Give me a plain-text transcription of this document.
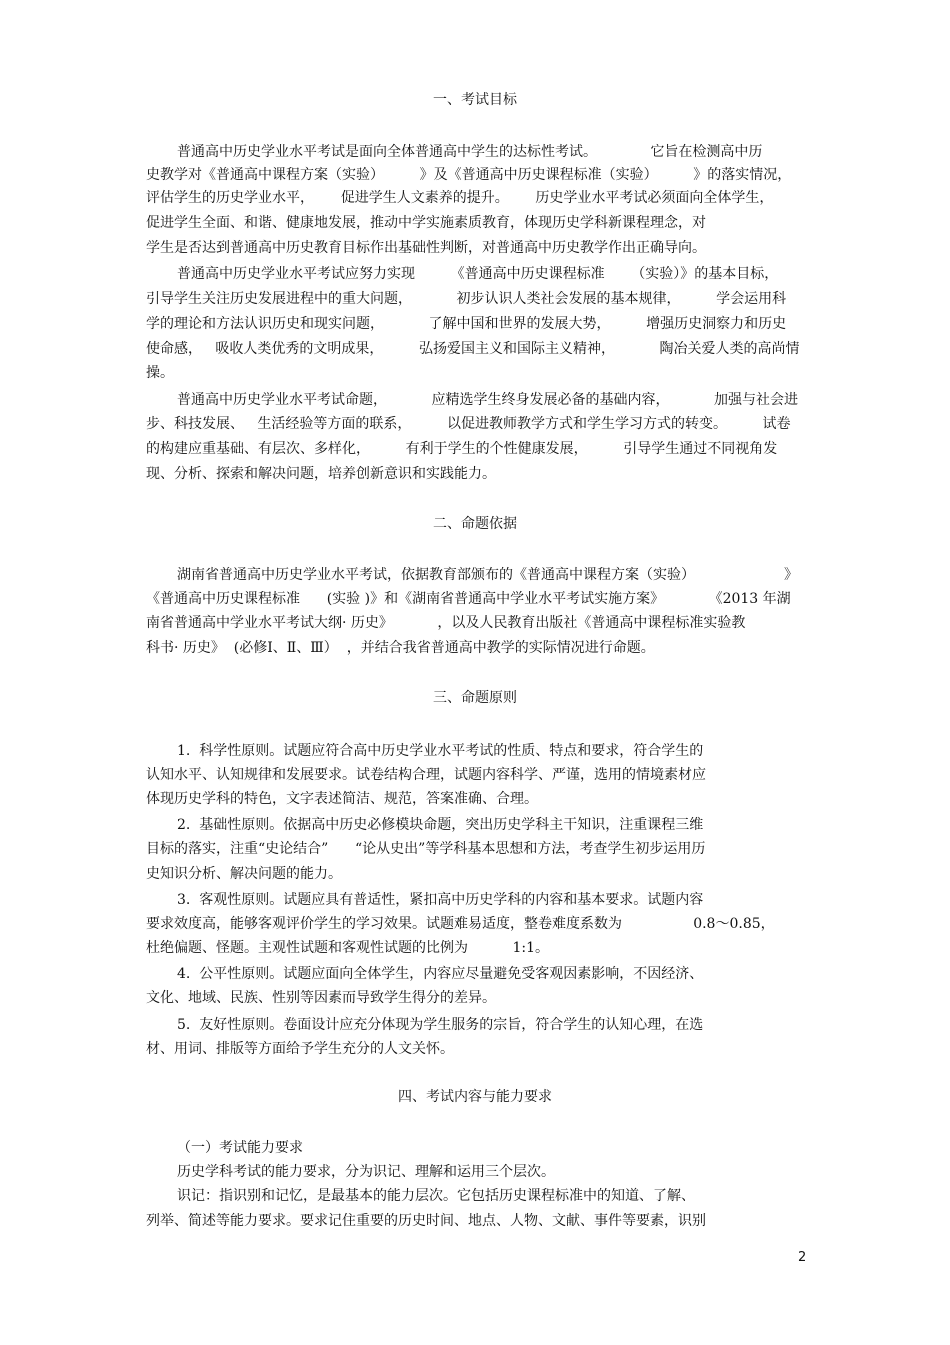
一、考试目标
普通高中历史学业水平考试是面向全体普通高中学生的达标性考试。            它旨在检测高中历
史教学对《普通高中课程方案（实验）        》及《普通高中历史课程标准（实验）        》的落实情况，
评估学生的历史学业水平，      促进学生人文素养的提升。      历史学业水平考试必须面向全体学生，
促进学生全面、和谐、健康地发展，推动中学实施素质教育，体现历史学科新课程理念，对
学生是否达到普通高中历史教育目标作出基础性判断，对普通高中历史教学作出正确导向。
普通高中历史学业水平考试应努力实现        《普通高中历史课程标准      （实验）》的基本目标，
引导学生关注历史发展进程中的重大问题，          初步认识人类社会发展的基本规律，        学会运用科
学的理论和方法认识历史和现实问题，          了解中国和世界的发展大势，        增强历史洞察力和历史
使命感，   吸收人类优秀的文明成果，        弘扬爱国主义和国际主义精神，          陶冶关爱人类的高尚情
操。
普通高中历史学业水平考试命题，          应精选学生终身发展必备的基础内容，          加强与社会进
步、科技发展、   生活经验等方面的联系，        以促进教师教学方式和学生学习方式的转变。        试卷
的构建应重基础、有层次、多样化，        有利于学生的个性健康发展，        引导学生通过不同视角发
现、分析、探索和解决问题，培养创新意识和实践能力。
二、命题依据
湖南省普通高中历史学业水平考试，依据教育部颁布的《普通高中课程方案（实验）                    》
《普通高中历史课程标准      (实验 )》和《湖南省普通高中学业水平考试实施方案》          《2013 年湖
南省普通高中学业水平考试大纲· 历史》          ，以及人民教育出版社《普通高中课程标准实验教
科书· 历史》  (必修Ⅰ、Ⅱ、Ⅲ）  ，并结合我省普通高中教学的实际情况进行命题。
三、命题原则
1.  科学性原则。试题应符合高中历史学业水平考试的性质、特点和要求，符合学生的
认知水平、认知规律和发展要求。试卷结构合理，试题内容科学、严谨，选用的情境素材应
体现历史学科的特色，文字表述简洁、规范，答案准确、合理。
2.  基础性原则。依据高中历史必修模块命题，突出历史学科主干知识，注重课程三维
目标的落实，注重“史论结合”      “论从史出”等学科基本思想和方法，考查学生初步运用历
史知识分析、解决问题的能力。
3.  客观性原则。试题应具有普适性，紧扣高中历史学科的内容和基本要求。试题内容
要求效度高，能够客观评价学生的学习效果。试题难易适度，整卷难度系数为                0.8～0.85，
杜绝偏题、怪题。主观性试题和客观性试题的比例为          1:1。
4.  公平性原则。试题应面向全体学生，内容应尽量避免受客观因素影响，不因经济、
文化、地域、民族、性别等因素而导致学生得分的差异。
5.  友好性原则。卷面设计应充分体现为学生服务的宗旨，符合学生的认知心理，在选
材、用词、排版等方面给予学生充分的人文关怀。
四、考试内容与能力要求
（一）考试能力要求
历史学科考试的能力要求，分为识记、理解和运用三个层次。
识记：指识别和记忆，是最基本的能力层次。它包括历史课程标准中的知道、了解、
列举、简述等能力要求。要求记住重要的历史时间、地点、人物、文献、事件等要素，识别
2
